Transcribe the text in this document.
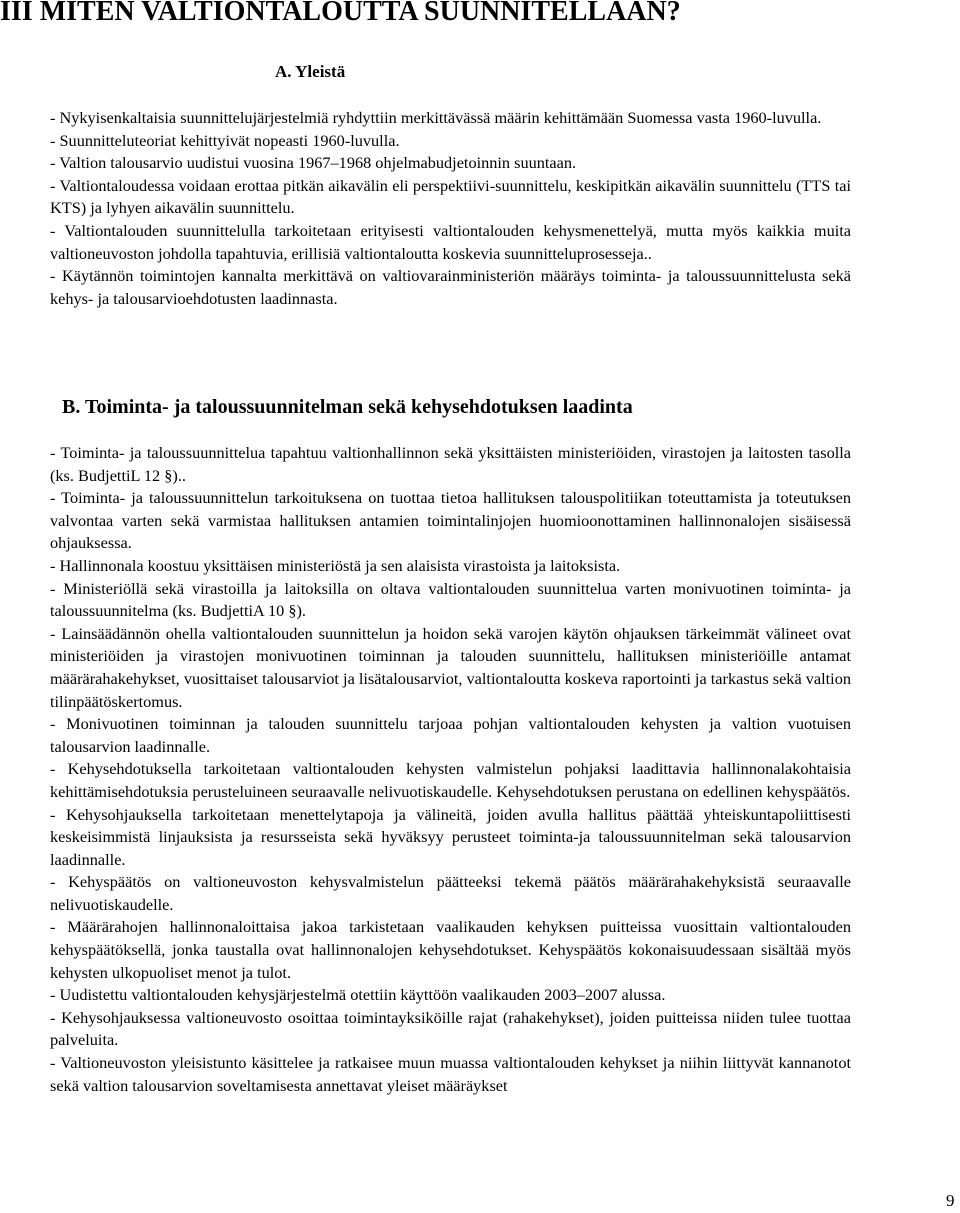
III MITEN VALTIONTALOUTTA SUUNNITELLAAN?
A. Yleistä

- Nykyisenkaltaisia suunnittelujärjestelmiä ryhdyttiin merkittävässä määrin kehittämään Suomessa vasta 1960-luvulla.

- Suunnitteluteoriat kehittyivät nopeasti 1960-luvulla.

- Valtion talousarvio uudistui vuosina 1967–1968 ohjelmabudjetoinnin suuntaan.

- Valtiontaloudessa voidaan erottaa pitkän aikavälin eli perspektiivi-suunnittelu, keskipitkän aikavälin suunnittelu (TTS tai KTS) ja lyhyen aikavälin suunnittelu.

- Valtiontalouden suunnittelulla tarkoitetaan erityisesti valtiontalouden kehysmenettelyä, mutta myös kaikkia muita valtioneuvoston johdolla tapahtuvia, erillisiä valtiontaloutta koskevia suunnitteluprosesseja..

- Käytännön toimintojen kannalta merkittävä on valtiovarainministeriön määräys toiminta- ja taloussuunnittelusta sekä kehys- ja talousarvioehdotusten laadinnasta.

B. Toiminta- ja taloussuunnitelman sekä kehysehdotuksen laadinta

- Toiminta- ja taloussuunnittelua tapahtuu valtionhallinnon sekä yksittäisten ministeriöiden, virastojen ja laitosten tasolla (ks. BudjettiL 12 §)..

- Toiminta- ja taloussuunnittelun tarkoituksena on tuottaa tietoa hallituksen talouspolitiikan toteuttamista ja toteutuksen valvontaa varten sekä varmistaa hallituksen antamien toimintalinjojen huomioonottaminen hallinnonalojen sisäisessä ohjauksessa.

- Hallinnonala koostuu yksittäisen ministeriöstä ja sen alaisista virastoista ja laitoksista.

- Ministeriöllä sekä virastoilla ja laitoksilla on oltava valtiontalouden suunnittelua varten monivuotinen toiminta- ja taloussuunnitelma (ks. BudjettiA 10 §).

- Lainsäädännön ohella valtiontalouden suunnittelun ja hoidon sekä varojen käytön ohjauksen tärkeimmät välineet ovat ministeriöiden ja virastojen monivuotinen toiminnan ja talouden suunnittelu, hallituksen ministeriöille antamat määrärahakehykset, vuosittaiset talousarviot ja lisätalousarviot, valtiontaloutta koskeva raportointi ja tarkastus sekä valtion tilinpäätöskertomus.

- Monivuotinen toiminnan ja talouden suunnittelu tarjoaa pohjan valtiontalouden kehysten ja valtion vuotuisen talousarvion laadinnalle.

- Kehysehdotuksella tarkoitetaan valtiontalouden kehysten valmistelun pohjaksi laadittavia hallinnonalakohtaisia kehittämisehdotuksia perusteluineen seuraavalle nelivuotiskaudelle. Kehysehdotuksen perustana on edellinen kehyspäätös.

- Kehysohjauksella tarkoitetaan menettelytapoja ja välineitä, joiden avulla hallitus päättää yhteiskuntapoliittisesti keskeisimmistä linjauksista ja resursseista sekä hyväksyy perusteet toiminta-ja taloussuunnitelman sekä talousarvion laadinnalle.

- Kehyspäätös on valtioneuvoston kehysvalmistelun päätteeksi tekemä päätös määrärahakehyksistä seuraavalle nelivuotiskaudelle.

- Määrärahojen hallinnonaloittaisa jakoa tarkistetaan vaalikauden kehyksen puitteissa vuosittain valtiontalouden kehyspäätöksellä, jonka taustalla ovat hallinnonalojen kehysehdotukset. Kehyspäätös kokonaisuudessaan sisältää myös kehysten ulkopuoliset menot ja tulot.

- Uudistettu valtiontalouden kehysjärjestelmä otettiin käyttöön vaalikauden 2003–2007 alussa.

- Kehysohjauksessa valtioneuvosto osoittaa toimintayksiköille rajat (rahakehykset), joiden puitteissa niiden tulee tuottaa palveluita.

- Valtioneuvoston yleisistunto käsittelee ja ratkaisee muun muassa valtiontalouden kehykset ja niihin liittyvät kannanotot sekä valtion talousarvion soveltamisesta annettavat yleiset määräykset

9
